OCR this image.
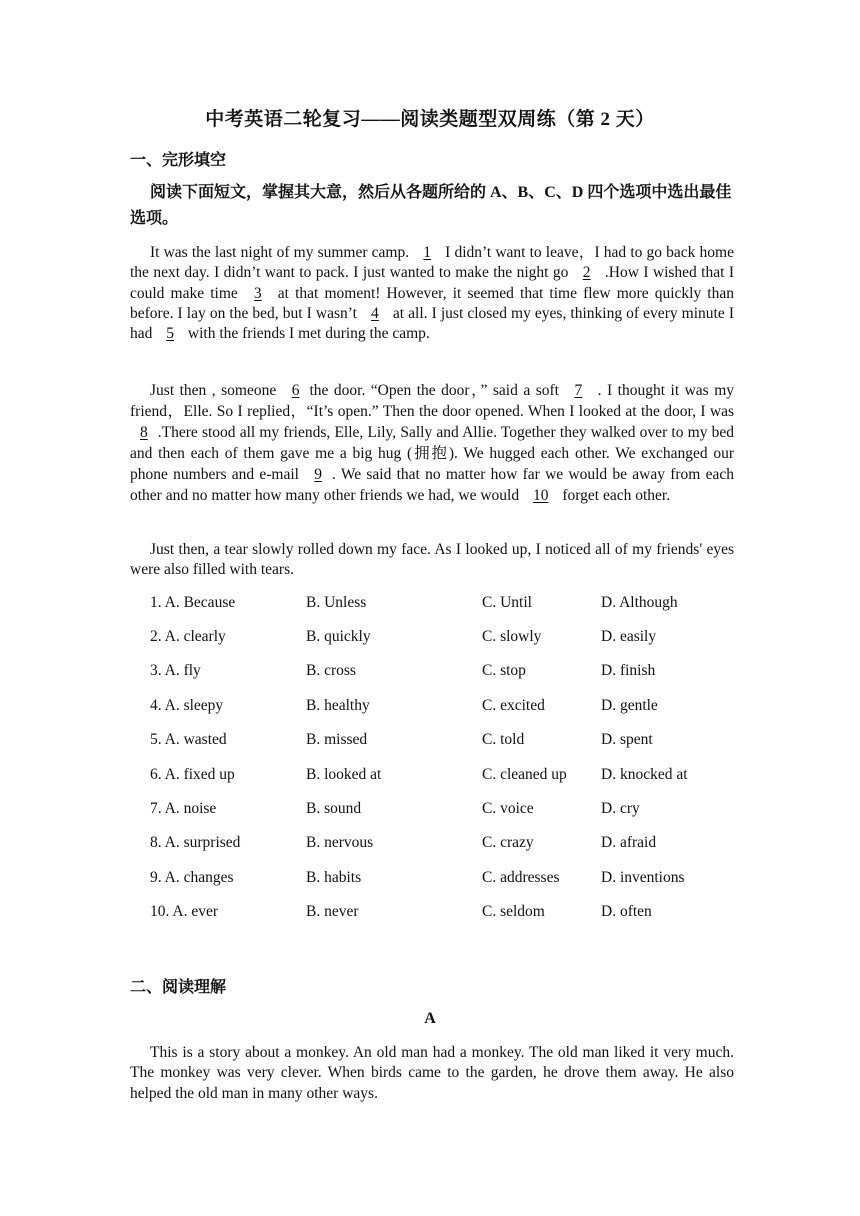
中考英语二轮复习——阅读类题型双周练（第 2 天）
一、完形填空
阅读下面短文，掌握其大意，然后从各题所给的 A、B、C、D 四个选项中选出最佳选项。
It was the last night of my summer camp. 1 I didn’t want to leave，I had to go back home the next day. I didn’t want to pack. I just wanted to make the night go 2 .How I wished that I could make time 3 at that moment! However, it seemed that time flew more quickly than before. I lay on the bed, but I wasn’t 4 at all. I just closed my eyes, thinking of every minute I had 5 with the friends I met during the camp.
Just then , someone 6 the door. “Open the door，” said a soft 7 . I thought it was my friend，Elle. So I replied，“It’s open.” Then the door opened. When I looked at the door, I was 8 .There stood all my friends, Elle, Lily, Sally and Allie. Together they walked over to my bed and then each of them gave me a big hug (拥抱). We hugged each other. We exchanged our phone numbers and e-mail 9 . We said that no matter how far we would be away from each other and no matter how many other friends we had, we would 10 forget each other.
Just then, a tear slowly rolled down my face. As I looked up, I noticed all of my friends' eyes were also filled with tears.
1. A. Because	B. Unless	C. Until	D. Although
2. A. clearly	B. quickly	C. slowly	D. easily
3. A. fly	B. cross	C. stop	D. finish
4. A. sleepy	B. healthy	C. excited	D. gentle
5. A. wasted	B. missed	C. told	D. spent
6. A. fixed up	B. looked at	C. cleaned up D. knocked at
7. A. noise	B. sound	C. voice	D. cry
8. A. surprised	B. nervous	C. crazy	D. afraid
9. A. changes	B. habits	C. addresses	D. inventions
10. A. ever	B. never	C. seldom	D. often
二、阅读理解
A
This is a story about a monkey. An old man had a monkey. The old man liked it very much. The monkey was very clever. When birds came to the garden, he drove them away. He also helped the old man in many other ways.
